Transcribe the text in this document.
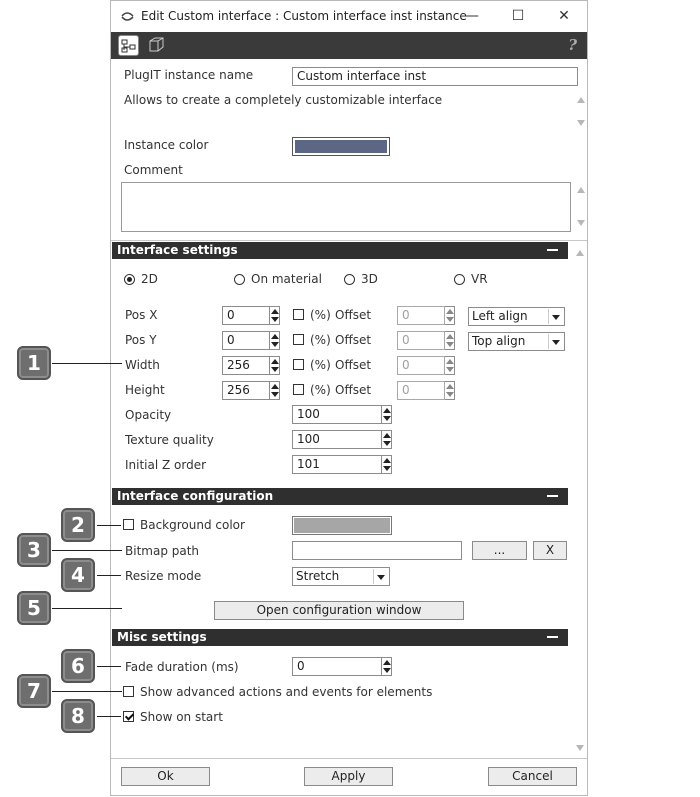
Edit Custom interface : Custom interface inst instance
—	☐	✕
?
PlugIT instance name	Custom interface inst
Allows to create a completely customizable interface
Instance color
Comment
Interface settings
2D	On material	3D	VR
Pos X	0	(%) Offset	0	Left align
Pos Y	0	(%) Offset	0	Top align
Width	256	(%) Offset	0
Height	256	(%) Offset	0
Opacity	100
Texture quality	100
Initial Z order	101
Interface configuration
Background color
Bitmap path	...	X
Resize mode	Stretch
Open configuration window
Misc settings
Fade duration (ms)	0
Show advanced actions and events for elements
Show on start
Ok	Apply	Cancel
1
2
3
4
5
6
7
8
